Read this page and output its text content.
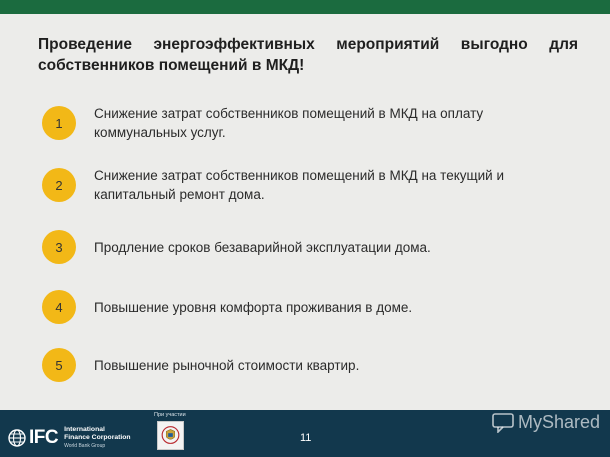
Проведение энергоэффективных мероприятий выгодно для собственников помещений в МКД!
1
Снижение затрат собственников помещений в МКД на оплату коммунальных услуг.
2
Снижение затрат собственников помещений в МКД на текущий и капитальный ремонт дома.
3	Продление сроков безаварийной эксплуатации дома.
4	Повышение уровня комфорта проживания в доме.
5	Повышение рыночной стоимости квартир.
IFC International
Finance Corporation
World Bank Group
При участии
11
MyShared
